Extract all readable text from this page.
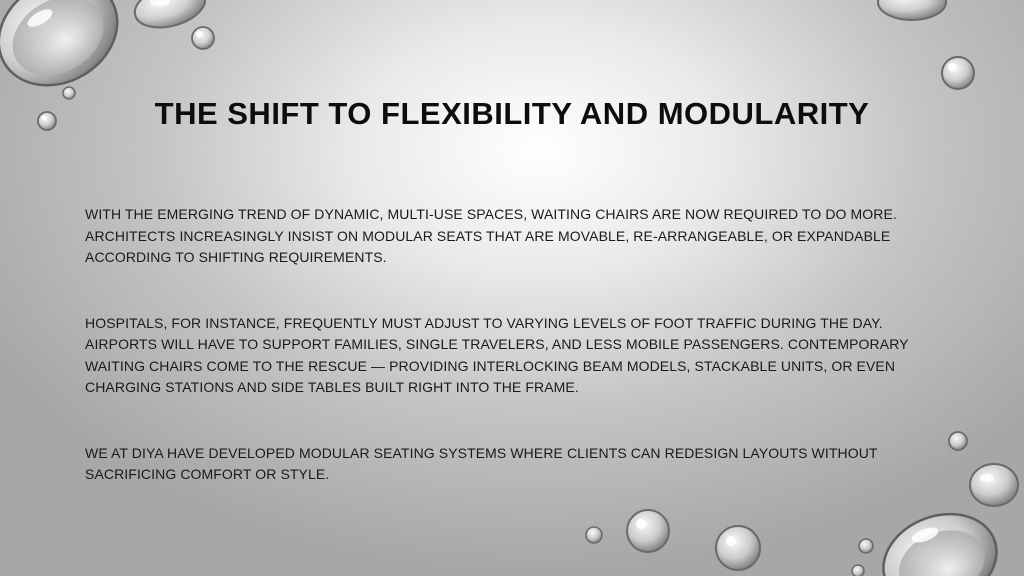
THE SHIFT TO FLEXIBILITY AND MODULARITY

WITH THE EMERGING TREND OF DYNAMIC, MULTI-USE SPACES, WAITING CHAIRS ARE NOW REQUIRED TO DO MORE. ARCHITECTS INCREASINGLY INSIST ON MODULAR SEATS THAT ARE MOVABLE, RE-ARRANGEABLE, OR EXPANDABLE ACCORDING TO SHIFTING REQUIREMENTS.

HOSPITALS, FOR INSTANCE, FREQUENTLY MUST ADJUST TO VARYING LEVELS OF FOOT TRAFFIC DURING THE DAY. AIRPORTS WILL HAVE TO SUPPORT FAMILIES, SINGLE TRAVELERS, AND LESS MOBILE PASSENGERS. CONTEMPORARY WAITING CHAIRS COME TO THE RESCUE — PROVIDING INTERLOCKING BEAM MODELS, STACKABLE UNITS, OR EVEN CHARGING STATIONS AND SIDE TABLES BUILT RIGHT INTO THE FRAME.

WE AT DIYA HAVE DEVELOPED MODULAR SEATING SYSTEMS WHERE CLIENTS CAN REDESIGN LAYOUTS WITHOUT SACRIFICING COMFORT OR STYLE.
